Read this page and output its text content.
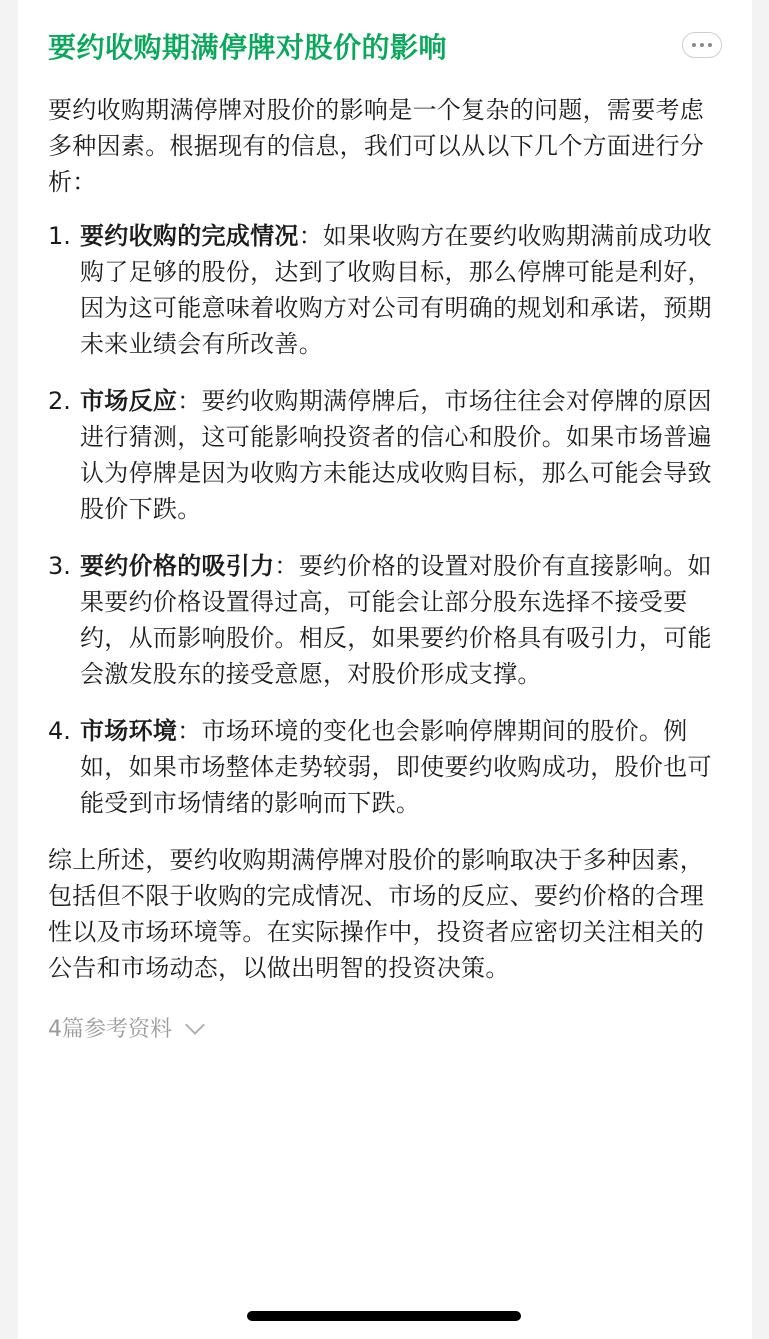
要约收购期满停牌对股价的影响

要约收购期满停牌对股价的影响是一个复杂的问题，需要考虑多种因素。根据现有的信息，我们可以从以下几个方面进行分析：

1. 要约收购的完成情况：如果收购方在要约收购期满前成功收购了足够的股份，达到了收购目标，那么停牌可能是利好，因为这可能意味着收购方对公司有明确的规划和承诺，预期未来业绩会有所改善。
2. 市场反应：要约收购期满停牌后，市场往往会对停牌的原因进行猜测，这可能影响投资者的信心和股价。如果市场普遍认为停牌是因为收购方未能达成收购目标，那么可能会导致股价下跌。
3. 要约价格的吸引力：要约价格的设置对股价有直接影响。如果要约价格设置得过高，可能会让部分股东选择不接受要约，从而影响股价。相反，如果要约价格具有吸引力，可能会激发股东的接受意愿，对股价形成支撑。
4. 市场环境：市场环境的变化也会影响停牌期间的股价。例如，如果市场整体走势较弱，即使要约收购成功，股价也可能受到市场情绪的影响而下跌。

综上所述，要约收购期满停牌对股价的影响取决于多种因素，包括但不限于收购的完成情况、市场的反应、要约价格的合理性以及市场环境等。在实际操作中，投资者应密切关注相关的公告和市场动态，以做出明智的投资决策。

4篇参考资料
